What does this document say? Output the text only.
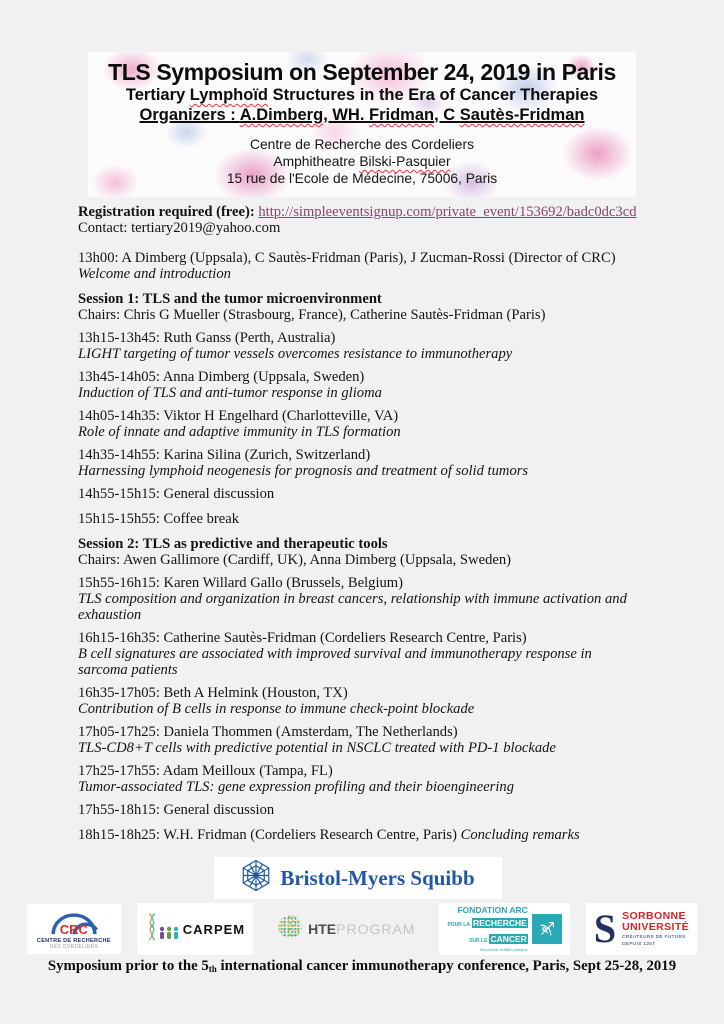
TLS Symposium on September 24, 2019 in Paris
Tertiary Lymphoïd Structures in the Era of Cancer Therapies
Organizers : A.Dimberg, WH. Fridman, C Sautès-Fridman
Centre de Recherche des Cordeliers
Amphitheatre Bilski-Pasquier
15 rue de l'Ecole de Médecine, 75006, Paris

Registration required (free): http://simpleeventsignup.com/private_event/153692/badc0dc3cd

Contact: tertiary2019@yahoo.com

13h00: A Dimberg (Uppsala), C Sautès-Fridman (Paris), J Zucman-Rossi (Director of CRC)
Welcome and introduction
Session 1: TLS and the tumor microenvironment
Chairs: Chris G Mueller (Strasbourg, France), Catherine Sautès-Fridman (Paris)
13h15-13h45: Ruth Ganss (Perth, Australia)
LIGHT targeting of tumor vessels overcomes resistance to immunotherapy
13h45-14h05: Anna Dimberg (Uppsala, Sweden)
Induction of TLS and anti-tumor response in glioma
14h05-14h35: Viktor H Engelhard (Charlotteville, VA)
Role of innate and adaptive immunity in TLS formation
14h35-14h55: Karina Silina (Zurich, Switzerland)
Harnessing lymphoid neogenesis for prognosis and treatment of solid tumors
14h55-15h15: General discussion
15h15-15h55: Coffee break
Session 2: TLS as predictive and therapeutic tools
Chairs: Awen Gallimore (Cardiff, UK), Anna Dimberg (Uppsala, Sweden)
15h55-16h15: Karen Willard Gallo (Brussels, Belgium)
TLS composition and organization in breast cancers, relationship with immune activation and exhaustion
16h15-16h35: Catherine Sautès-Fridman (Cordeliers Research Centre, Paris)
B cell signatures are associated with improved survival and immunotherapy response in sarcoma patients
16h35-17h05: Beth A Helmink (Houston, TX)
Contribution of B cells in response to immune check-point blockade
17h05-17h25: Daniela Thommen (Amsterdam, The Netherlands)
TLS-CD8+T cells with predictive potential in NSCLC treated with PD-1 blockade
17h25-17h55: Adam Meilloux (Tampa, FL)
Tumor-associated TLS: gene expression profiling and their bioengineering
17h55-18h15: General discussion
18h15-18h25: W.H. Fridman (Cordeliers Research Centre, Paris) Concluding remarks
Bristol-Myers Squibb
CRC
CENTRE DE RECHERCHE
DES CORDELIERS
CARPEM	HTE PROGRAM
FONDATION ARC
POUR LA RECHERCHE
SUR LE CANCER
Reconnue d'utilité publique S SORBONNE
UNIVERSITÉ
CRÉATEURS DE FUTURS
DEPUIS 1257
Symposium prior to the $5_{th}$ international cancer immunotherapy conference, Paris, Sept 25-28, 2019
